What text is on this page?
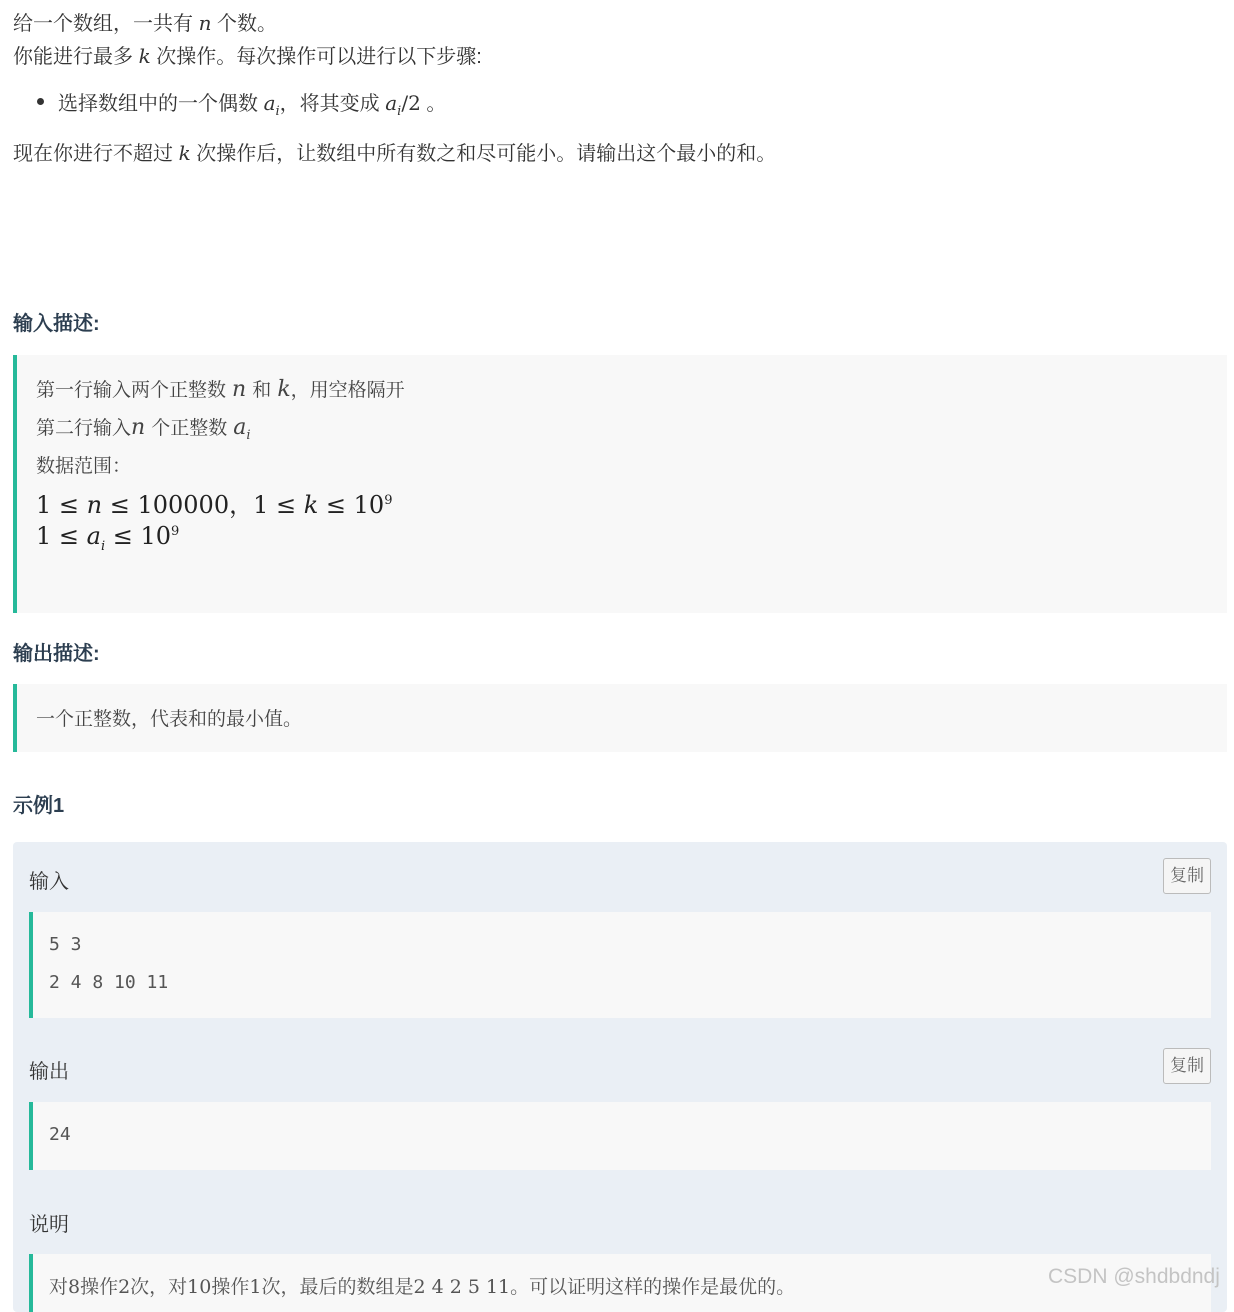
给一个数组，一共有 n 个数。
你能进行最多 k 次操作。每次操作可以进行以下步骤:
选择数组中的一个偶数 $a_i$，将其变成 $a_i/2$ 。
现在你进行不超过 k 次操作后，让数组中所有数之和尽可能小。请输出这个最小的和。
输入描述:
第一行输入两个正整数 n 和 k，用空格隔开
第二行输入n 个正整数 $a_i$
数据范围：
1 ≤ n ≤ 100000，$1 \le k \le 10^9$
$1 \le a_i \le 10^9$
输出描述:
一个正整数，代表和的最小值。
示例1
输入	复制
5 3
2 4 8 10 11
输出	复制
24
说明
对8操作2次，对10操作1次，最后的数组是2 4 2 5 11。可以证明这样的操作是最优的。	CSDN @shdbdndj
